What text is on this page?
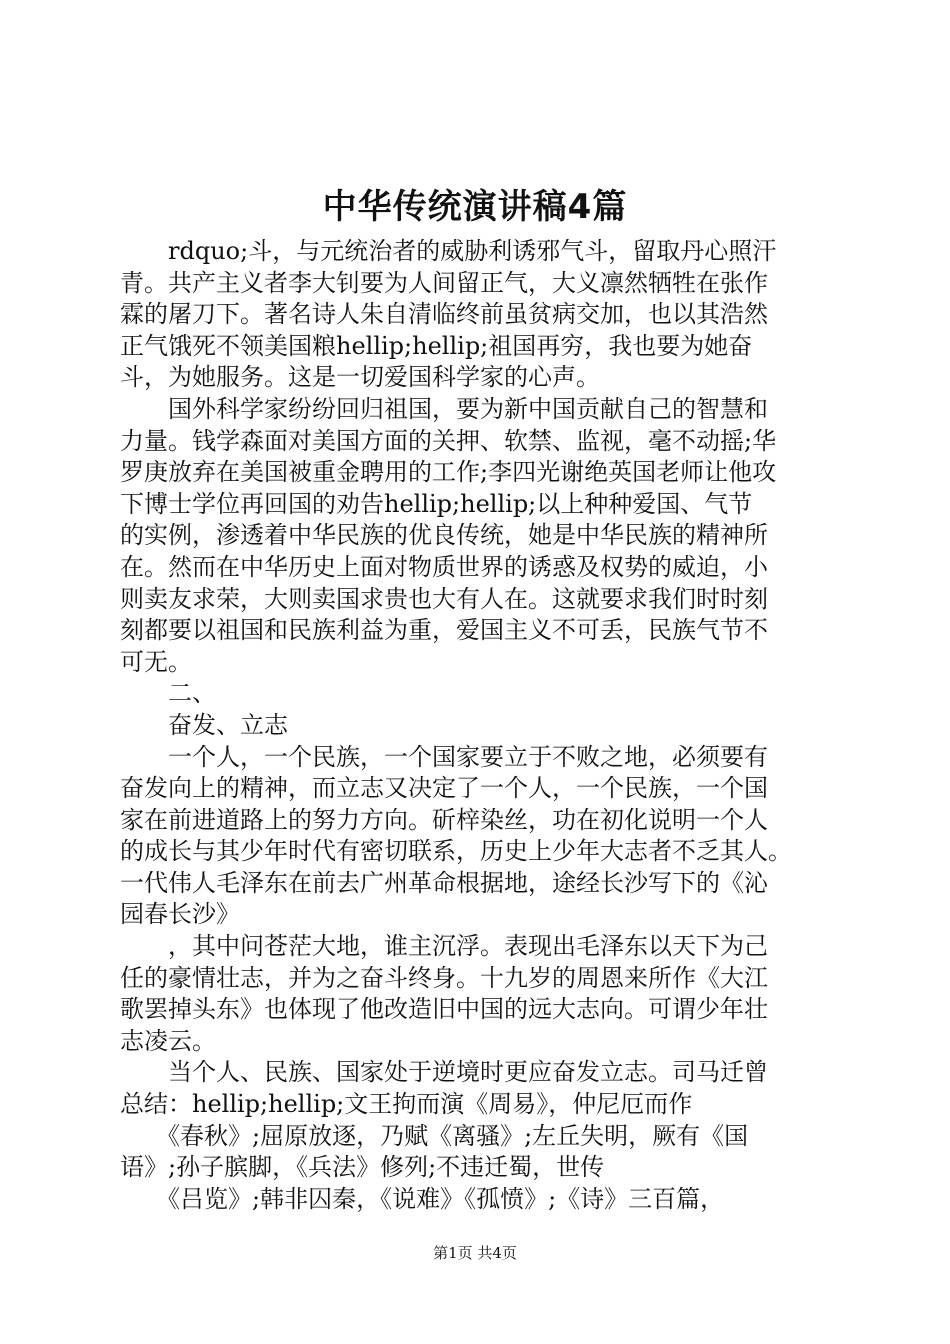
中华传统演讲稿4篇
　　rdquo;斗，与元统治者的威胁利诱邪气斗，留取丹心照汗
青。共产主义者李大钊要为人间留正气，大义凛然牺牲在张作
霖的屠刀下。著名诗人朱自清临终前虽贫病交加，也以其浩然
正气饿死不领美国粮hellip;hellip;祖国再穷，我也要为她奋
斗，为她服务。这是一切爱国科学家的心声。
　　国外科学家纷纷回归祖国，要为新中国贡献自己的智慧和
力量。钱学森面对美国方面的关押、软禁、监视，毫不动摇;华
罗庚放弃在美国被重金聘用的工作;李四光谢绝英国老师让他攻
下博士学位再回国的劝告hellip;hellip;以上种种爱国、气节
的实例，渗透着中华民族的优良传统，她是中华民族的精神所
在。然而在中华历史上面对物质世界的诱惑及权势的威迫，小
则卖友求荣，大则卖国求贵也大有人在。这就要求我们时时刻
刻都要以祖国和民族利益为重，爱国主义不可丢，民族气节不
可无。
　　二、
　　奋发、立志
　　一个人，一个民族，一个国家要立于不败之地，必须要有
奋发向上的精神，而立志又决定了一个人，一个民族，一个国
家在前进道路上的努力方向。斫梓染丝，功在初化说明一个人
的成长与其少年时代有密切联系，历史上少年大志者不乏其人。
一代伟人毛泽东在前去广州革命根据地，途经长沙写下的《沁
园春长沙》
　　，其中问苍茫大地，谁主沉浮。表现出毛泽东以天下为己
任的豪情壮志，并为之奋斗终身。十九岁的周恩来所作《大江
歌罢掉头东》也体现了他改造旧中国的远大志向。可谓少年壮
志凌云。
　　当个人、民族、国家处于逆境时更应奋发立志。司马迁曾
总结：hellip;hellip;文王拘而演《周易》，仲尼厄而作
　　《春秋》;屈原放逐，乃赋《离骚》;左丘失明，厥有《国
语》;孙子膑脚，《兵法》修列;不违迁蜀，世传
　　《吕览》;韩非囚秦，《说难》《孤愤》;《诗》三百篇，
第1页 共4页
